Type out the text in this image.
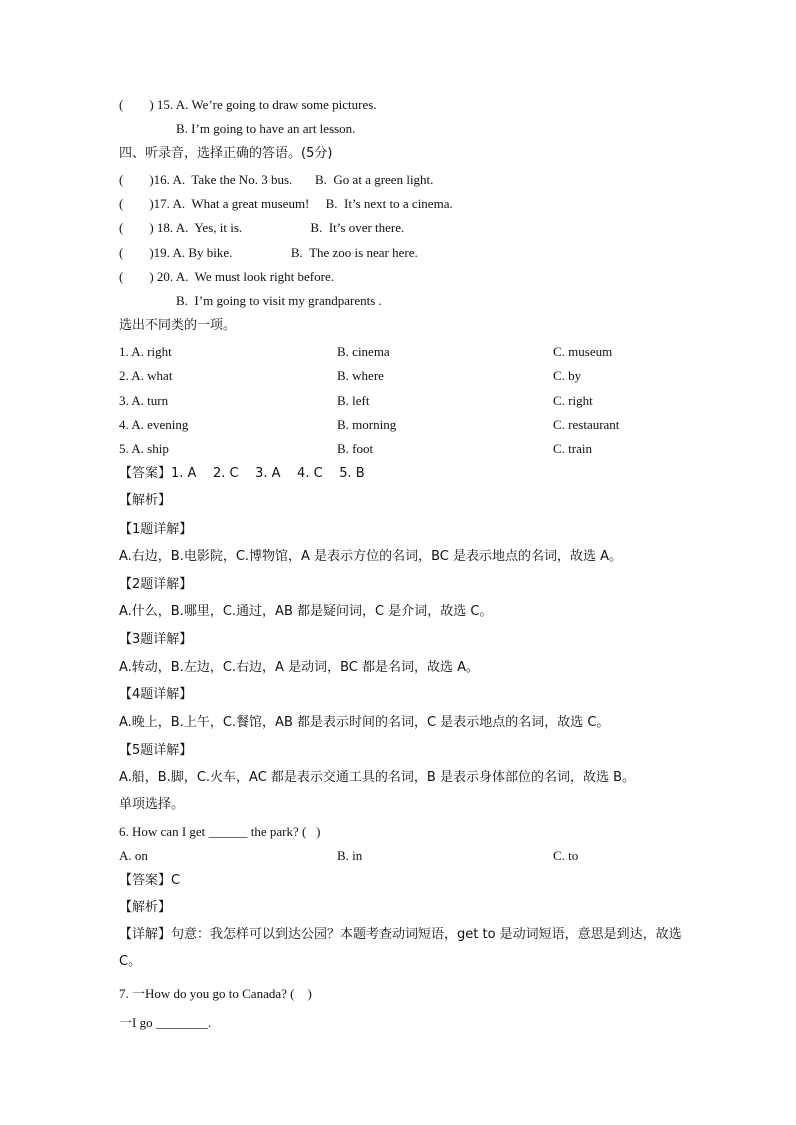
(        ) 15. A. We’re going to draw some pictures.
B. I’m going to have an art lesson.
四、听录音，选择正确的答语。(5分)
(        )16. A.  Take the No. 3 bus.       B.  Go at a green light.
(        )17. A.  What a great museum!     B.  It’s next to a cinema.
(        ) 18. A.  Yes, it is.                     B.  It’s over there.
(        )19. A. By bike.                  B.  The zoo is near here.
(        ) 20. A.  We must look right before.
B.  I’m going to visit my grandparents .
选出不同类的一项。
1. A. right	B. cinema	C. museum
2. A. what	B. where	C. by
3. A. turn	B. left	C. right
4. A. evening	B. morning	C. restaurant
5. A. ship	B. foot	C. train
【答案】1. A    2. C    3. A    4. C    5. B
【解析】
【1题详解】
A.右边，B.电影院，C.博物馆，A 是表示方位的名词，BC 是表示地点的名词，故选 A。
【2题详解】
A.什么，B.哪里，C.通过，AB 都是疑问词，C 是介词，故选 C。
【3题详解】
A.转动，B.左边，C.右边，A 是动词，BC 都是名词，故选 A。
【4题详解】
A.晚上，B.上午，C.餐馆，AB 都是表示时间的名词，C 是表示地点的名词，故选 C。
【5题详解】
A.船，B.脚，C.火车，AC 都是表示交通工具的名词，B 是表示身体部位的名词，故选 B。
单项选择。
6. How can I get ______ the park? (   )
A. on	B. in	C. to
【答案】C
【解析】
【详解】句意：我怎样可以到达公园？本题考查动词短语，get to 是动词短语，意思是到达，故选 C。
7. 一How do you go to Canada? (    )
一I go ________.
